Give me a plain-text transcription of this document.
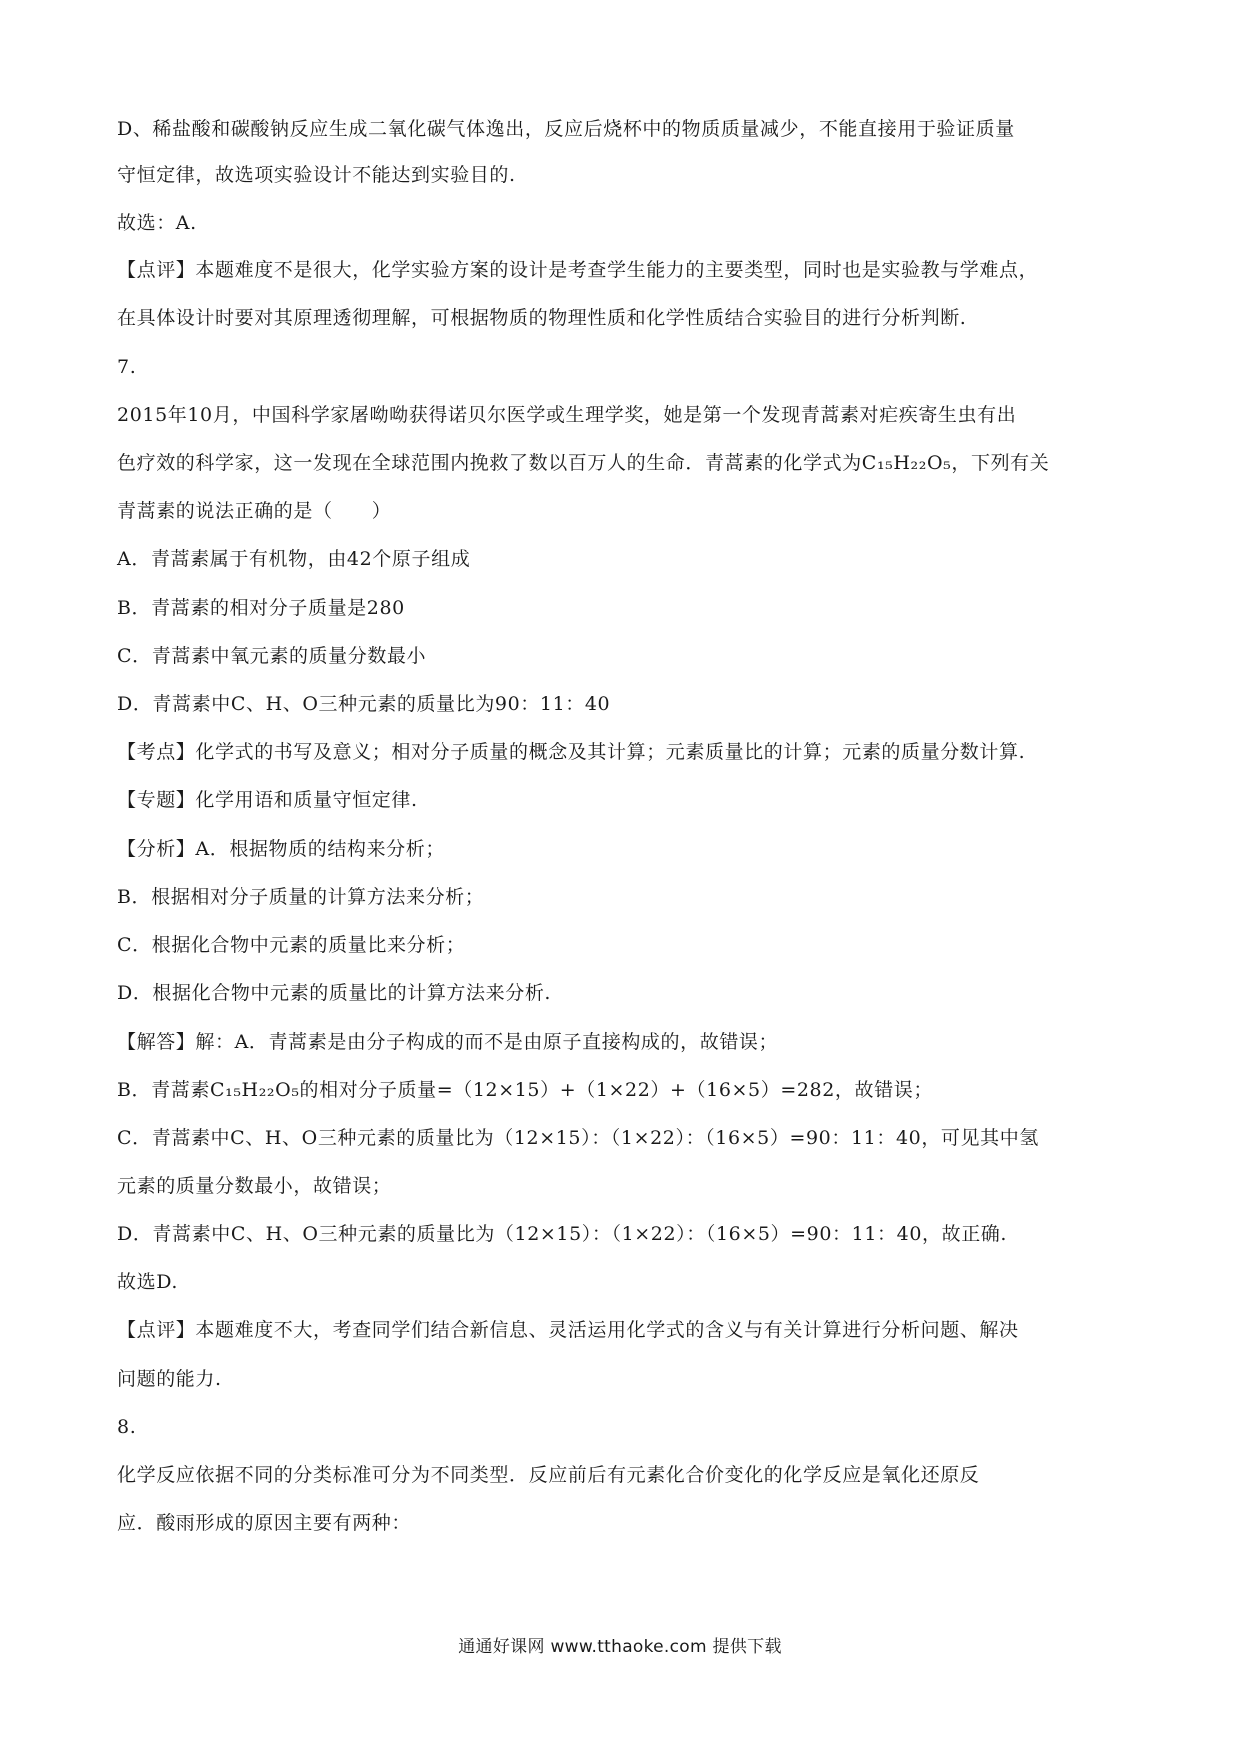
D、稀盐酸和碳酸钠反应生成二氧化碳气体逸出，反应后烧杯中的物质质量减少，不能直接用于验证质量
守恒定律，故选项实验设计不能达到实验目的.
故选：A.
【点评】本题难度不是很大，化学实验方案的设计是考查学生能力的主要类型，同时也是实验教与学难点，
在具体设计时要对其原理透彻理解，可根据物质的物理性质和化学性质结合实验目的进行分析判断.
7.
2015年10月，中国科学家屠呦呦获得诺贝尔医学或生理学奖，她是第一个发现青蒿素对疟疾寄生虫有出
色疗效的科学家，这一发现在全球范围内挽救了数以百万人的生命．青蒿素的化学式为C₁₅H₂₂O₅，下列有关
青蒿素的说法正确的是（　　）
A．青蒿素属于有机物，由42个原子组成
B．青蒿素的相对分子质量是280
C．青蒿素中氧元素的质量分数最小
D．青蒿素中C、H、O三种元素的质量比为90：11：40
【考点】化学式的书写及意义；相对分子质量的概念及其计算；元素质量比的计算；元素的质量分数计算.
【专题】化学用语和质量守恒定律.
【分析】A．根据物质的结构来分析；
B．根据相对分子质量的计算方法来分析；
C．根据化合物中元素的质量比来分析；
D．根据化合物中元素的质量比的计算方法来分析.
【解答】解：A．青蒿素是由分子构成的而不是由原子直接构成的，故错误；
B．青蒿素C₁₅H₂₂O₅的相对分子质量=（12×15）+（1×22）+（16×5）=282，故错误；
C．青蒿素中C、H、O三种元素的质量比为（12×15）：（1×22）：（16×5）=90：11：40，可见其中氢
元素的质量分数最小，故错误；
D．青蒿素中C、H、O三种元素的质量比为（12×15）：（1×22）：（16×5）=90：11：40，故正确.
故选D.
【点评】本题难度不大，考查同学们结合新信息、灵活运用化学式的含义与有关计算进行分析问题、解决
问题的能力.
8.
化学反应依据不同的分类标准可分为不同类型．反应前后有元素化合价变化的化学反应是氧化还原反
应．酸雨形成的原因主要有两种：
通通好课网 www.tthaoke.com 提供下载
